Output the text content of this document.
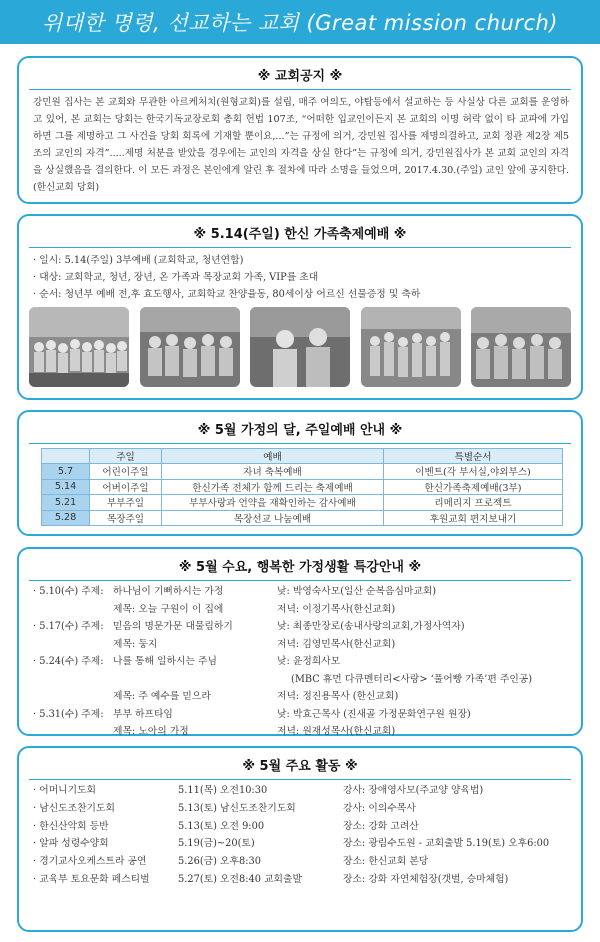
위대한 명령, 선교하는 교회 (Great mission church)
※ 교회공지 ※

강민원 집사는 본 교회와 무관한 아르케처치(원형교회)를 설립, 매주 여의도, 야탑등에서 설교하는 등 사실상 다른 교회를 운영하고 있어, 본 교회는 당회는 한국기독교장로회 총회 헌법 107조, “어떠한 입교인이든지 본 교회의 이명 허락 없이 타 교파에 가입하면 그를 제명하고 그 사건을 당회 회록에 기재할 뿐이요,...”는 규정에 의거, 강민원 집사를 제명의결하고, 교회 정관 제2장 제5조의 교인의 자격”.....제명 처분을 받았을 경우에는 교인의 자격을 상실 한다”는 규정에 의거, 강민원집사가 본 교회 교인의 자격을 상실했음을 결의한다. 이 모든 과정은 본인에게 알린 후 절차에 따라 소명을 들었으며, 2017.4.30.(주일) 교인 앞에 공지한다. (한신교회 당회)

※ 5.14(주일) 한신 가족축제예배 ※
· 일시: 5.14(주일) 3부예배 (교회학교, 청년연합)
· 대상: 교회학교, 청년, 장년, 온 가족과 목장교회 가족, VIP를 초대
· 순서: 청년부 예배 전,후 효도행사, 교회학교 찬양율동, 80세이상 어르신 선물증정 및 축하
※ 5월 가정의 달, 주일예배 안내 ※
	주일	예배	특별순서
5.7	어린이주일	자녀 축복예배	이벤트(각 부서실,야외부스)
5.14	어버이주일	한신가족 전체가 함께 드리는 축제예배	한신가족축제예배(3부)
5.21	부부주일	부부사랑과 언약을 재확인하는 감사예배	리메리지 프로젝트
5.28	목장주일	목장선교 나눔예배	후원교회 편지보내기
※ 5월 수요, 행복한 가정생활 특강안내 ※
· 5.10(수) 주제: 하나님이 기뻐하시는 가정	낮: 박영숙사모(일산 순복음심마교회)
제목: 오늘 구원이 이 집에	저녁: 이정기목사(한신교회)
· 5.17(수) 주제: 믿음의 명문가문 대물림하기	낮: 최종만장로(송내사랑의교회,가정사역자)
제목: 둥지	저녁: 김영민목사(한신교회)
· 5.24(수) 주제: 나를 통해 일하시는 주님	낮: 윤정희사모
(MBC 휴먼 다큐멘터리<사랑> ‘풀어빵 가족’편 주인공)
제목: 주 예수를 믿으라	저녁: 정진용목사 (한신교회)
· 5.31(수) 주제: 부부 하프타임	낮: 박효근목사 (진새골 가정문화연구원 원장)
제목: 노아의 가정	저녁: 원재성목사(한신교회)
※ 5월 주요 활동 ※
· 어머니기도회	5.11(목) 오전10:30	강사: 장애영사모(주교양 양육법)
· 남신도조찬기도회	5.13(토) 남신도조찬기도회	강사: 이의수목사
· 한신산악회 등반	5.13(토) 오전 9:00	장소: 강화 고려산
· 알파 성령수양회	5.19(금)~20(토)	장소: 광림수도원 - 교회출발 5.19(토) 오후6:00
· 경기교사오케스트라 공연	5.26(금) 오후8:30	장소: 한신교회 본당
· 교육부 토요문화 페스티벌	5.27(토) 오전8:40 교회출발	장소: 강화 자연체험장(갯벌, 승마체험)
